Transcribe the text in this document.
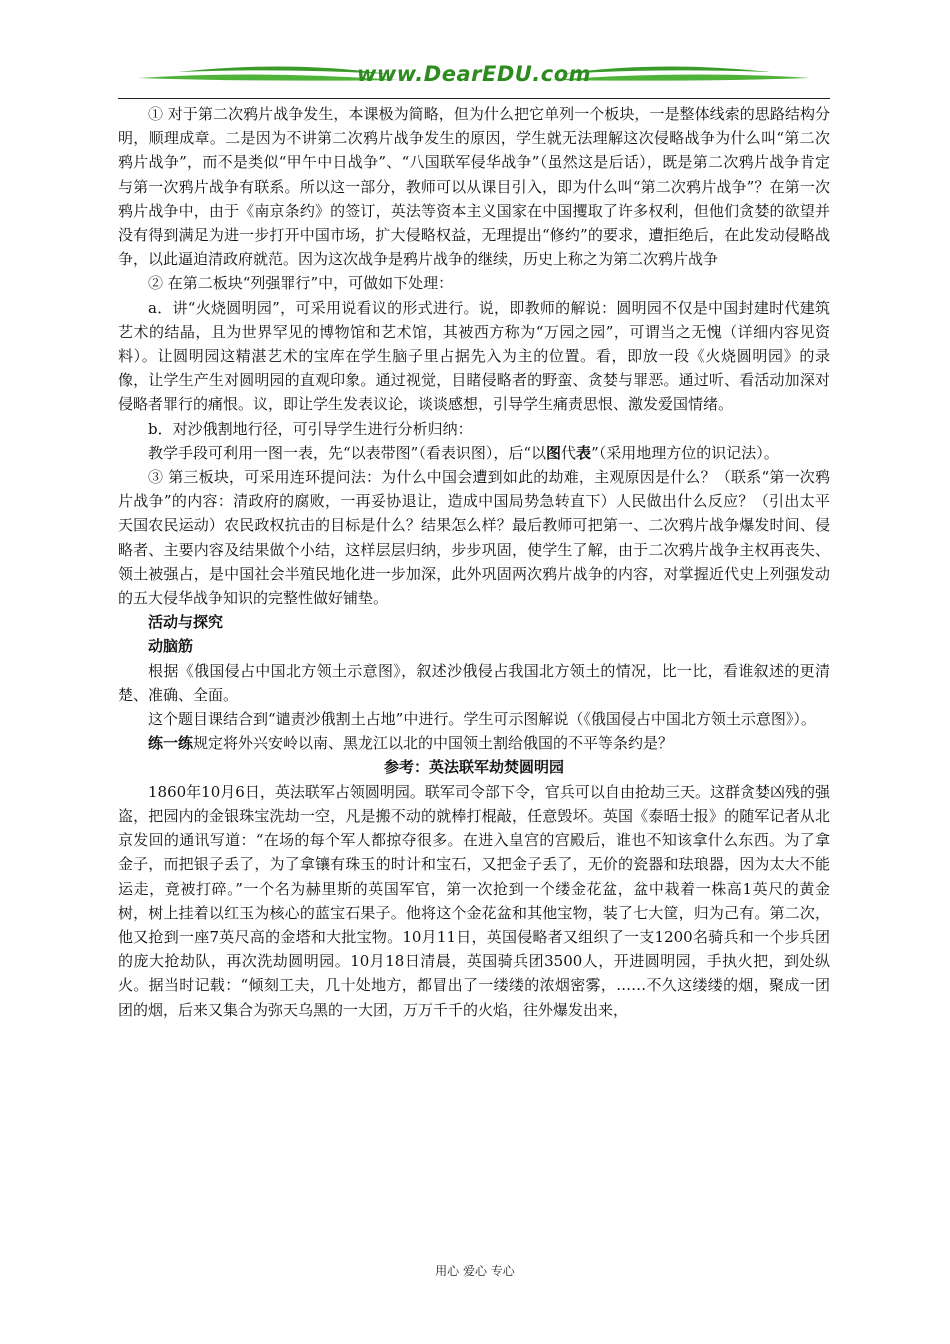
www.DearEDU.com

① 对于第二次鸦片战争发生，本课极为简略，但为什么把它单列一个板块，一是整体线索的思路结构分明，顺理成章。二是因为不讲第二次鸦片战争发生的原因，学生就无法理解这次侵略战争为什么叫“第二次鸦片战争”，而不是类似“甲午中日战争”、“八国联军侵华战争”（虽然这是后话），既是第二次鸦片战争肯定与第一次鸦片战争有联系。所以这一部分，教师可以从课目引入，即为什么叫“第二次鸦片战争”？在第一次鸦片战争中，由于《南京条约》的签订，英法等资本主义国家在中国攫取了许多权利，但他们贪婪的欲望并没有得到满足为进一步打开中国市场，扩大侵略权益，无理提出“修约”的要求，遭拒绝后，在此发动侵略战争，以此逼迫清政府就范。因为这次战争是鸦片战争的继续，历史上称之为第二次鸦片战争

② 在第二板块“列强罪行”中，可做如下处理：

a．讲“火烧圆明园”，可采用说看议的形式进行。说，即教师的解说：圆明园不仅是中国封建时代建筑艺术的结晶，且为世界罕见的博物馆和艺术馆，其被西方称为“万园之园”，可谓当之无愧（详细内容见资料）。让圆明园这精湛艺术的宝库在学生脑子里占据先入为主的位置。看，即放一段《火烧圆明园》的录像，让学生产生对圆明园的直观印象。通过视觉，目睹侵略者的野蛮、贪婪与罪恶。通过听、看活动加深对侵略者罪行的痛恨。议，即让学生发表议论，谈谈感想，引导学生痛责思恨、激发爱国情绪。

b．对沙俄割地行径，可引导学生进行分析归纳：

教学手段可利用一图一表，先“以表带图”（看表识图），后“以图代表”（采用地理方位的识记法）。

③ 第三板块，可采用连环提问法：为什么中国会遭到如此的劫难，主观原因是什么？（联系“第一次鸦片战争”的内容：清政府的腐败，一再妥协退让，造成中国局势急转直下）人民做出什么反应？（引出太平天国农民运动）农民政权抗击的目标是什么？结果怎么样？最后教师可把第一、二次鸦片战争爆发时间、侵略者、主要内容及结果做个小结，这样层层归纳，步步巩固，使学生了解，由于二次鸦片战争主权再丧失、领土被强占，是中国社会半殖民地化进一步加深，此外巩固两次鸦片战争的内容，对掌握近代史上列强发动的五大侵华战争知识的完整性做好铺垫。

活动与探究

动脑筋

根据《俄国侵占中国北方领土示意图》，叙述沙俄侵占我国北方领土的情况，比一比，看谁叙述的更清楚、准确、全面。

这个题目课结合到“谴责沙俄割土占地”中进行。学生可示图解说（《俄国侵占中国北方领土示意图》）。

练一练规定将外兴安岭以南、黑龙江以北的中国领土割给俄国的不平等条约是？

参考：英法联军劫焚圆明园

1860年10月6日，英法联军占领圆明园。联军司令部下令，官兵可以自由抢劫三天。这群贪婪凶残的强盗，把园内的金银珠宝洗劫一空，凡是搬不动的就棒打棍敲，任意毁坏。英国《泰晤士报》的随军记者从北京发回的通讯写道：“在场的每个军人都掠夺很多。在进入皇宫的宫殿后，谁也不知该拿什么东西。为了拿金子，而把银子丢了，为了拿镶有珠玉的时计和宝石，又把金子丢了，无价的瓷器和珐琅器，因为太大不能运走，竟被打碎。”一个名为赫里斯的英国军官，第一次抢到一个缕金花盆，盆中栽着一株高1英尺的黄金树，树上挂着以红玉为核心的蓝宝石果子。他将这个金花盆和其他宝物，装了七大筐，归为己有。第二次，他又抢到一座7英尺高的金塔和大批宝物。10月11日，英国侵略者又组织了一支1200名骑兵和一个步兵团的庞大抢劫队，再次洗劫圆明园。10月18日清晨，英国骑兵团3500人，开进圆明园，手执火把，到处纵火。据当时记载：“倾刻工夫，几十处地方，都冒出了一缕缕的浓烟密雾，……不久这缕缕的烟，聚成一团团的烟，后来又集合为弥天乌黑的一大团，万万千千的火焰，往外爆发出来，

用心 爱心 专心
